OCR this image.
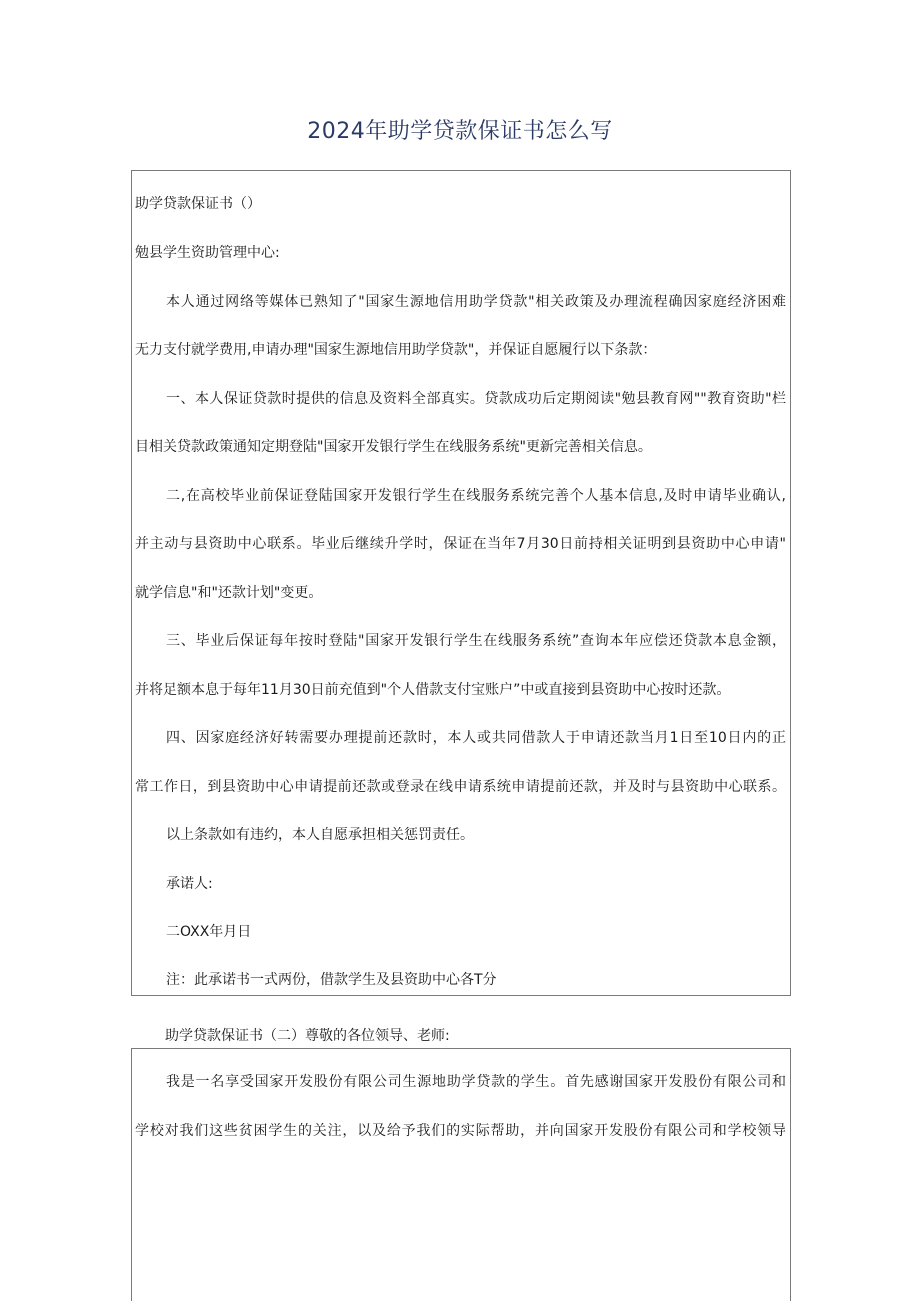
2024年助学贷款保证书怎么写
助学贷款保证书（）
勉县学生资助管理中心:
本人通过网络等媒体已熟知了"国家生源地信用助学贷款"相关政策及办理流程确因家庭经济困难
无力支付就学费用,申请办理"国家生源地信用助学贷款"，并保证自愿履行以下条款：
一、本人保证贷款时提供的信息及资料全部真实。贷款成功后定期阅读"勉县教育网""教育资助"栏
目相关贷款政策通知定期登陆"国家开发银行学生在线服务系统"更新完善相关信息。
二,在高校毕业前保证登陆国家开发银行学生在线服务系统完善个人基本信息,及时申请毕业确认,
并主动与县资助中心联系。毕业后继续升学时，保证在当年7月30日前持相关证明到县资助中心申请"
就学信息"和"还款计划"变更。
三、毕业后保证每年按时登陆"国家开发银行学生在线服务系统”查询本年应偿还贷款本息金额，
并将足额本息于每年11月30日前充值到"个人借款支付宝账户”中或直接到县资助中心按时还款。
四、因家庭经济好转需要办理提前还款时，本人或共同借款人于申请还款当月1日至10日内的正
常工作日，到县资助中心申请提前还款或登录在线申请系统申请提前还款，并及时与县资助中心联系。
以上条款如有违约，本人自愿承担相关惩罚责任。
承诺人:
二OXX年月日
注：此承诺书一式两份，借款学生及县资助中心各T分
助学贷款保证书（二）尊敬的各位领导、老师:
我是一名享受国家开发股份有限公司生源地助学贷款的学生。首先感谢国家开发股份有限公司和
学校对我们这些贫困学生的关注，以及给予我们的实际帮助，并向国家开发股份有限公司和学校领导
